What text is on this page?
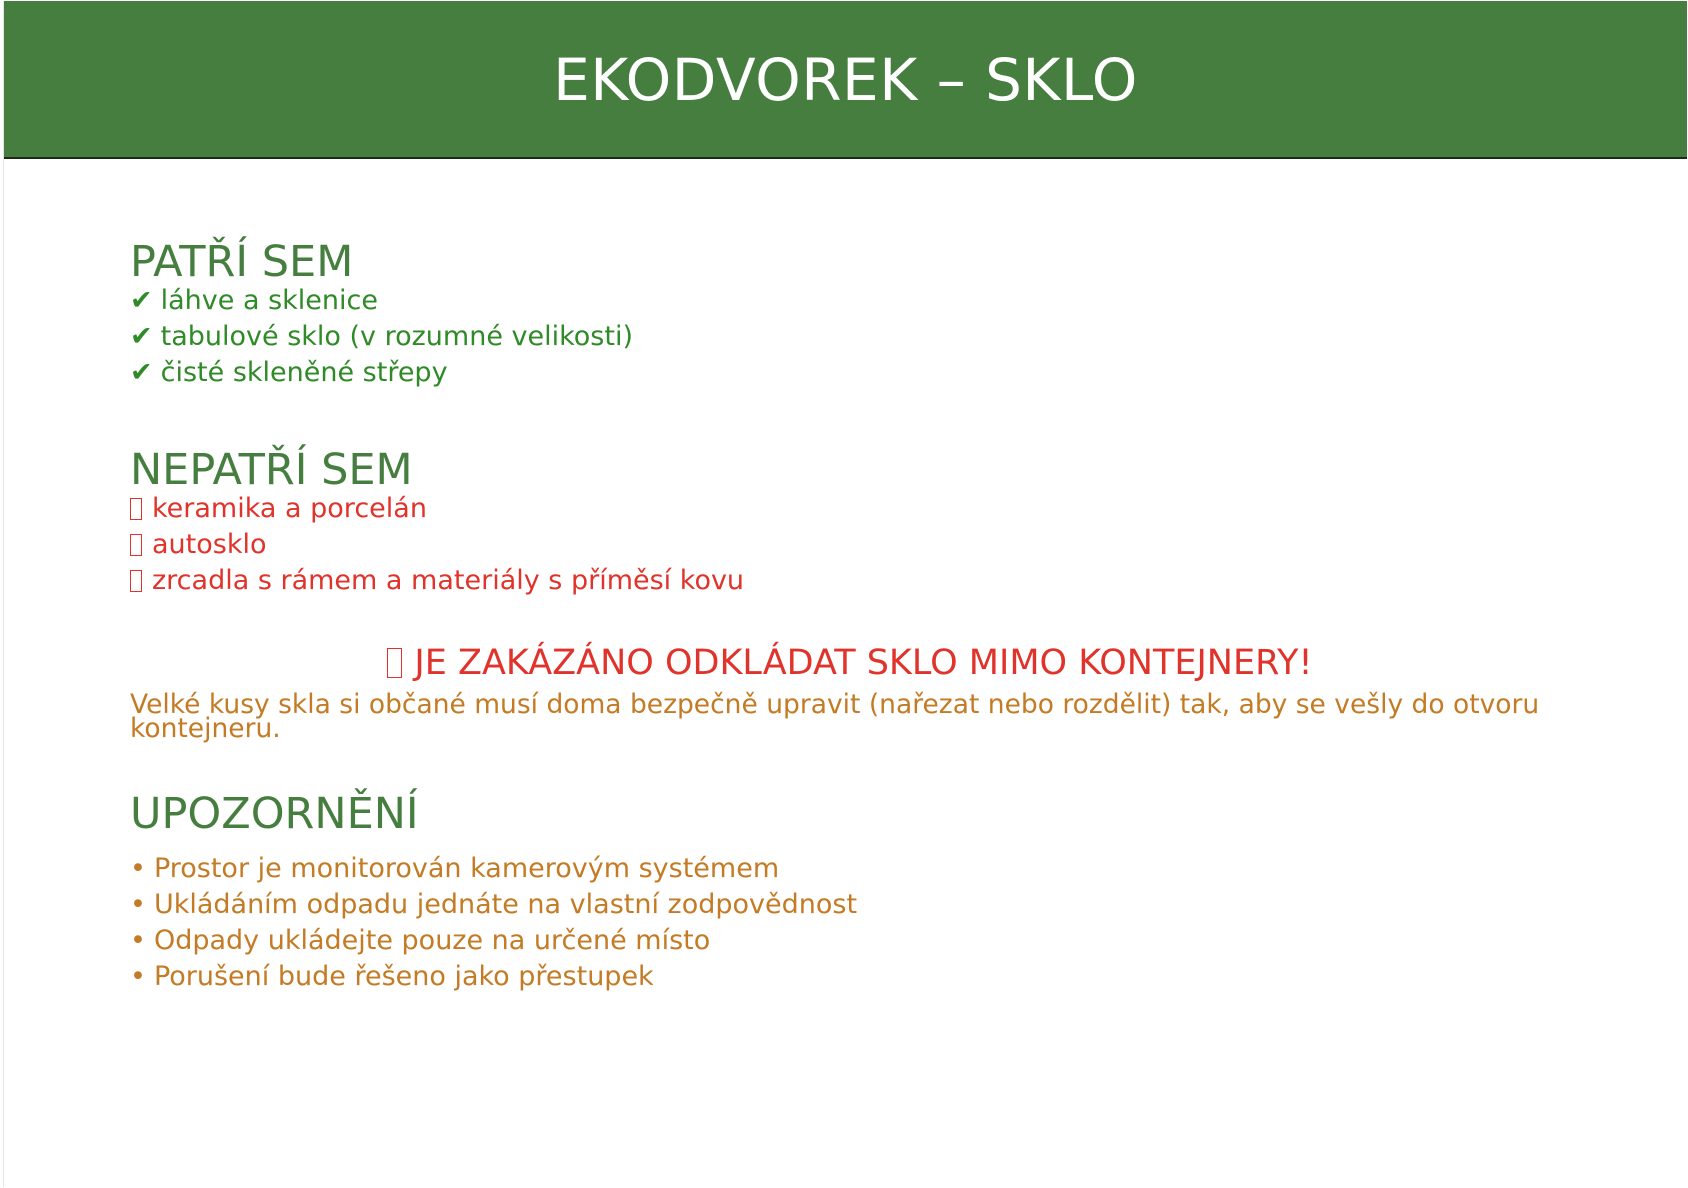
EKODVOREK – SKLO
PATŘÍ SEM
✔ láhve a sklenice
✔ tabulové sklo (v rozumné velikosti)
✔ čisté skleněné střepy
NEPATŘÍ SEM
keramika a porcelán
autosklo
zrcadla s rámem a materiály s příměsí kovu
JE ZAKÁZÁNO ODKLÁDAT SKLO MIMO KONTEJNERY!
Velké kusy skla si občané musí doma bezpečně upravit (nařezat nebo rozdělit) tak, aby se vešly do otvoru kontejneru.
UPOZORNĚNÍ
• Prostor je monitorován kamerovým systémem
• Ukládáním odpadu jednáte na vlastní zodpovědnost
• Odpady ukládejte pouze na určené místo
• Porušení bude řešeno jako přestupek
